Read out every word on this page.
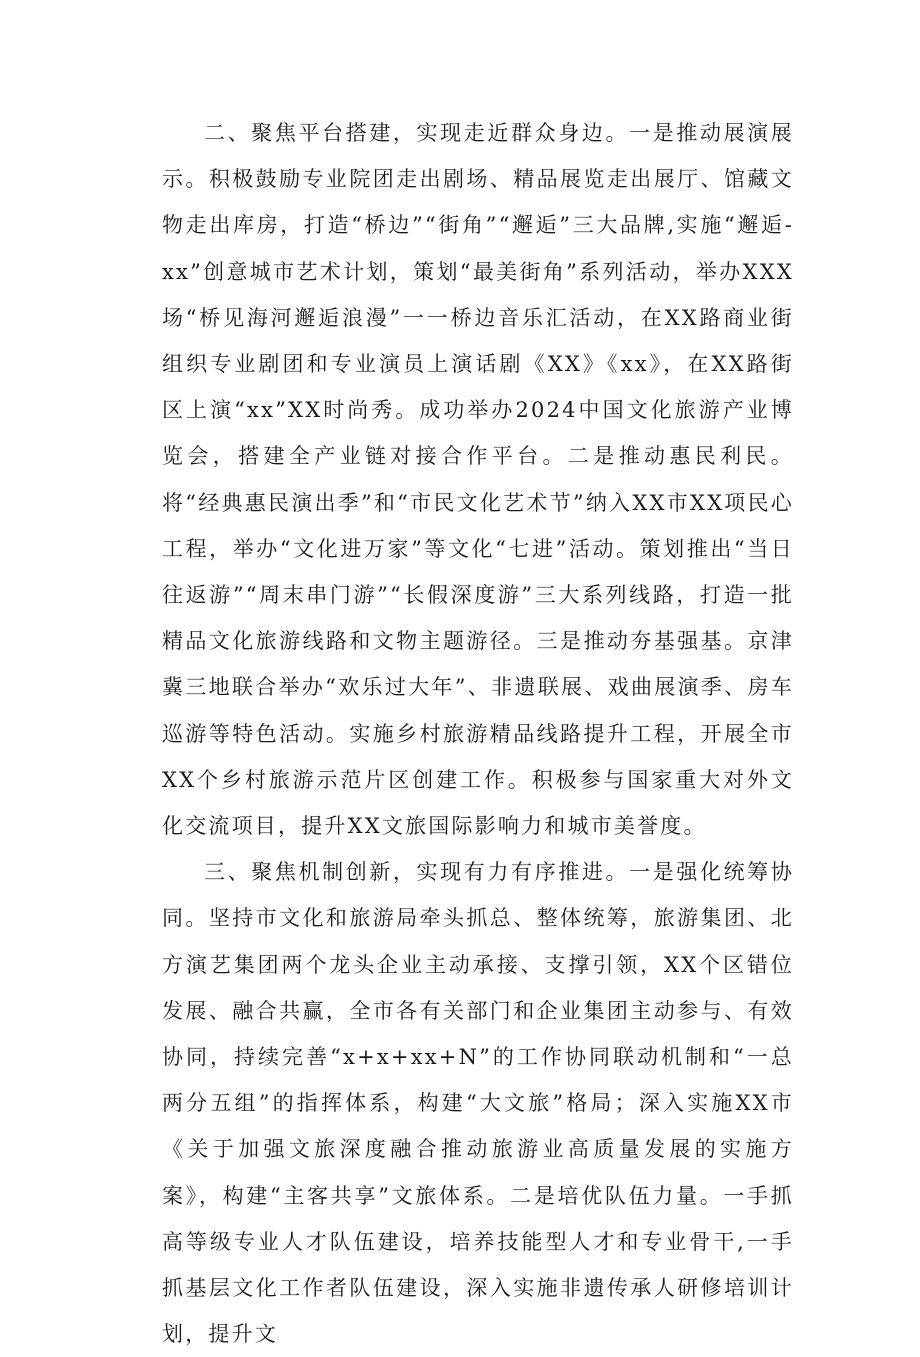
二、聚焦平台搭建，实现走近群众身边。一是推动展演展示。积极鼓励专业院团走出剧场、精品展览走出展厅、馆藏文物走出库房，打造“桥边”“街角”“邂逅”三大品牌,实施“邂逅-xx”创意城市艺术计划，策划“最美街角”系列活动，举办XXX场“桥见海河邂逅浪漫”一一桥边音乐汇活动，在XX路商业街组织专业剧团和专业演员上演话剧《XX》《xx》，在XX路街区上演“xx”XX时尚秀。成功举办2024中国文化旅游产业博览会，搭建全产业链对接合作平台。二是推动惠民利民。将“经典惠民演出季”和“市民文化艺术节”纳入XX市XX项民心工程，举办“文化进万家”等文化“七进”活动。策划推出“当日往返游”“周末串门游”“长假深度游”三大系列线路，打造一批精品文化旅游线路和文物主题游径。三是推动夯基强基。京津冀三地联合举办“欢乐过大年”、非遗联展、戏曲展演季、房车巡游等特色活动。实施乡村旅游精品线路提升工程，开展全市XX个乡村旅游示范片区创建工作。积极参与国家重大对外文化交流项目，提升XX文旅国际影响力和城市美誉度。

三、聚焦机制创新，实现有力有序推进。一是强化统筹协同。坚持市文化和旅游局牵头抓总、整体统筹，旅游集团、北方演艺集团两个龙头企业主动承接、支撑引领，XX个区错位发展、融合共赢，全市各有关部门和企业集团主动参与、有效协同，持续完善“x+x+xx+N”的工作协同联动机制和“一总两分五组”的指挥体系，构建“大文旅”格局；深入实施XX市《关于加强文旅深度融合推动旅游业高质量发展的实施方案》，构建“主客共享”文旅体系。二是培优队伍力量。一手抓高等级专业人才队伍建设，培养技能型人才和专业骨干,一手抓基层文化工作者队伍建设，深入实施非遗传承人研修培训计划，提升文
